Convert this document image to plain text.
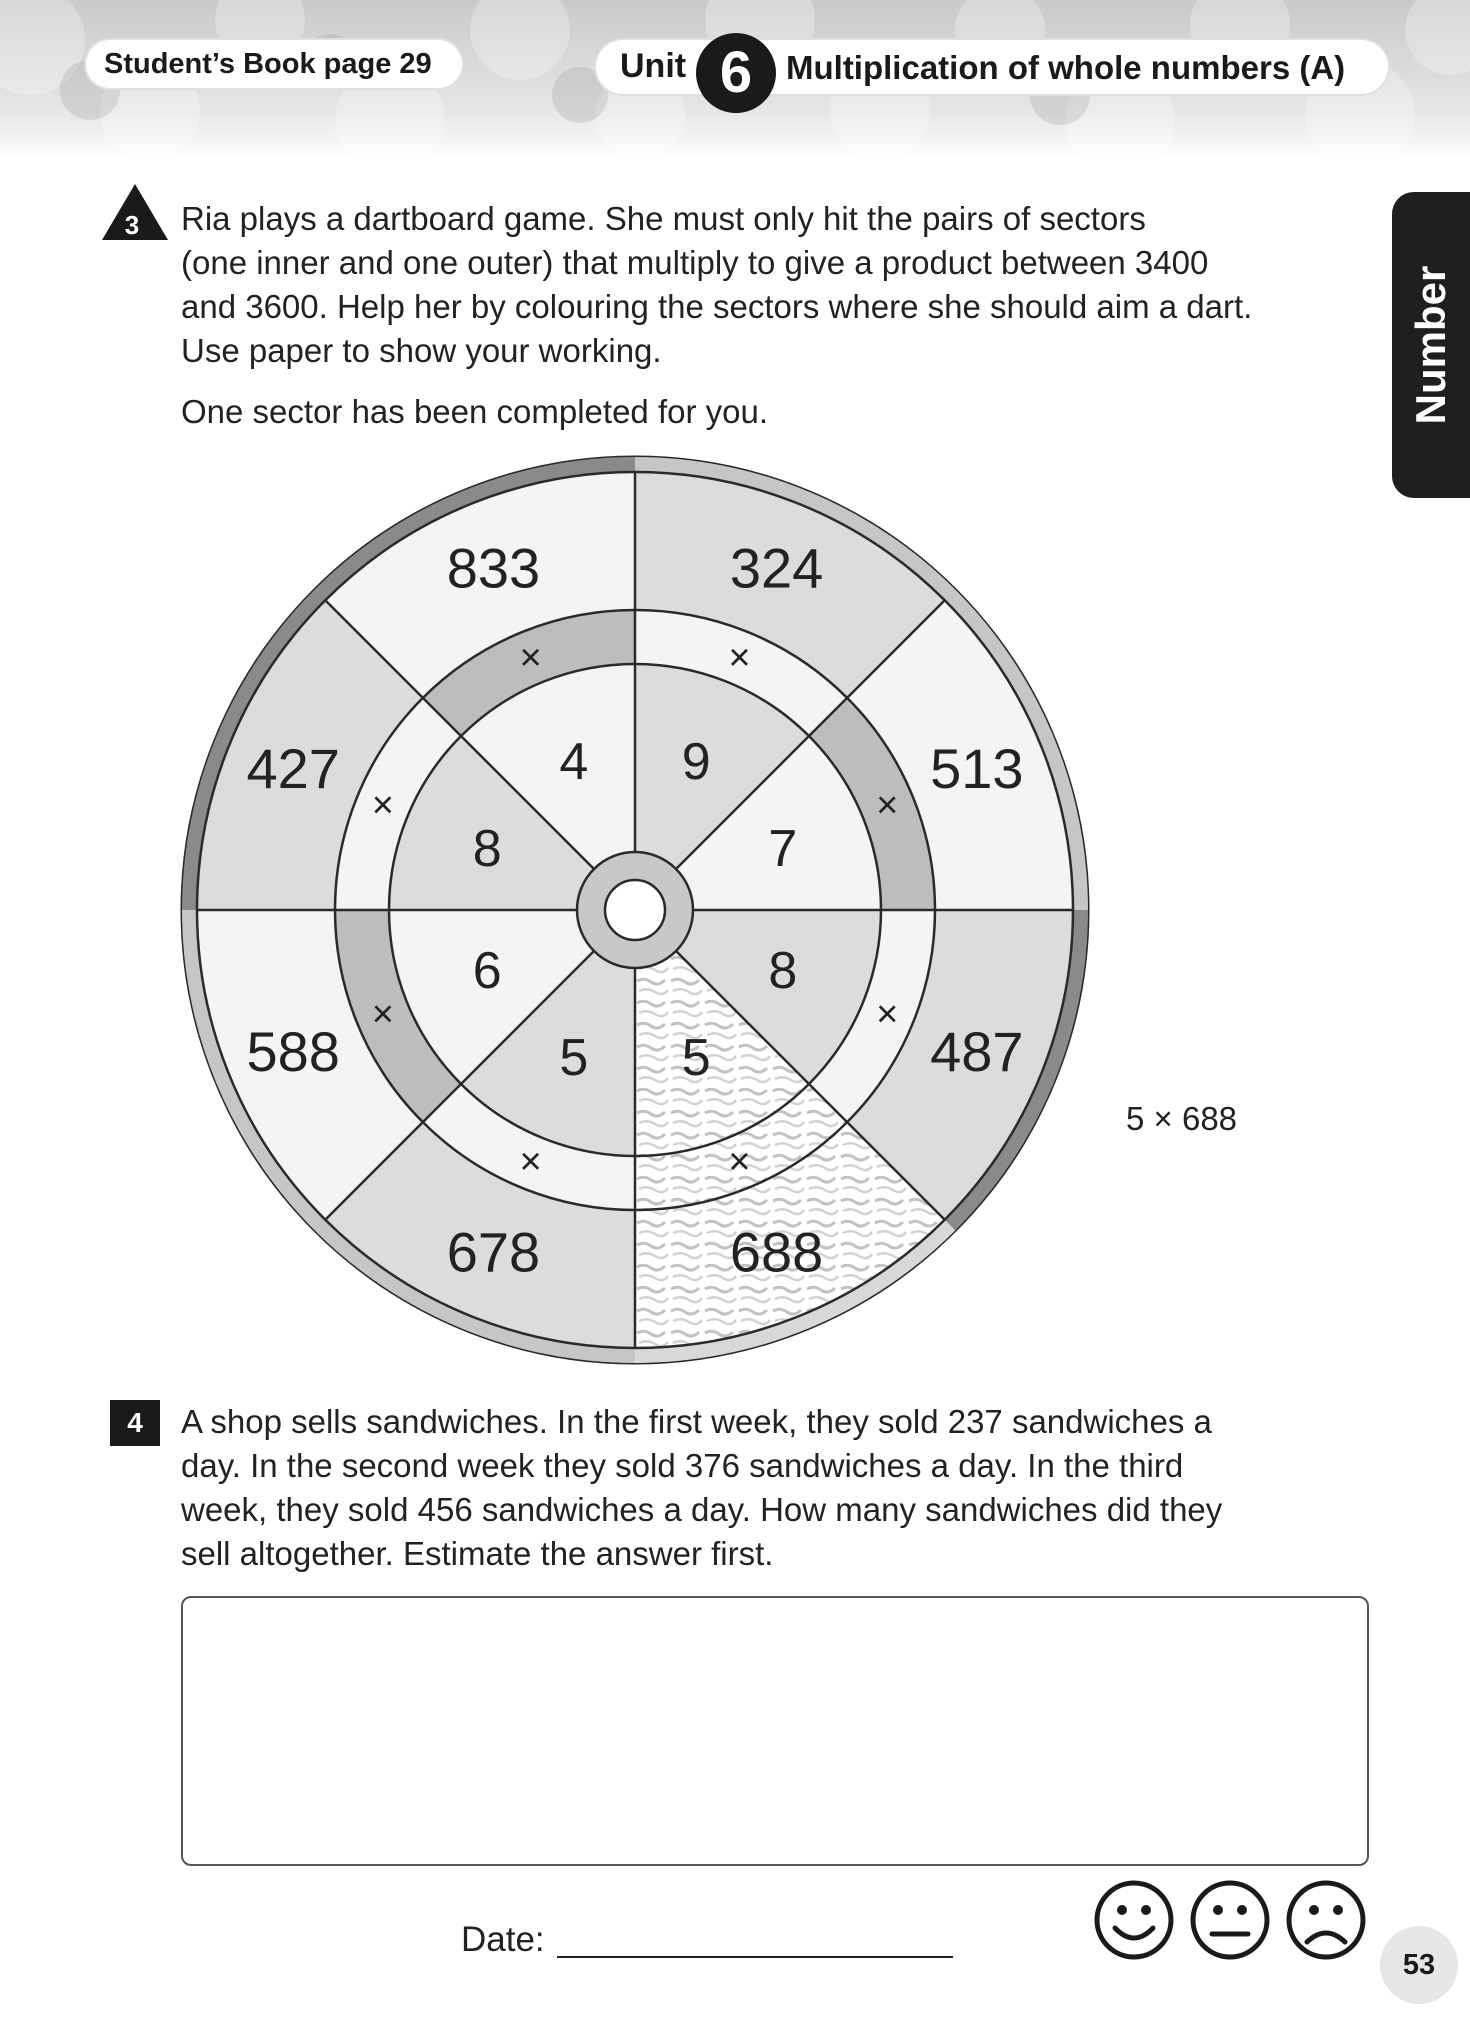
Student’s Book page 29	Unit 6	Multiplication of whole numbers (A)
Number
3 Ria plays a dartboard game. She must only hit the pairs of sectors
(one inner and one outer) that multiply to give a product between 3400
and 3600. Help her by colouring the sectors where she should aim a dart.
Use paper to show your working.
One sector has been completed for you.
324
×
9	513
×
7
487
×
8
688
×
5
678
×
5
588
×
6
427
×
8
833
×
4
5 × 688
4	A shop sells sandwiches. In the first week, they sold 237 sandwiches a
day. In the second week they sold 376 sandwiches a day. In the third
week, they sold 456 sandwiches a day. How many sandwiches did they
sell altogether. Estimate the answer first.
Date:
53
